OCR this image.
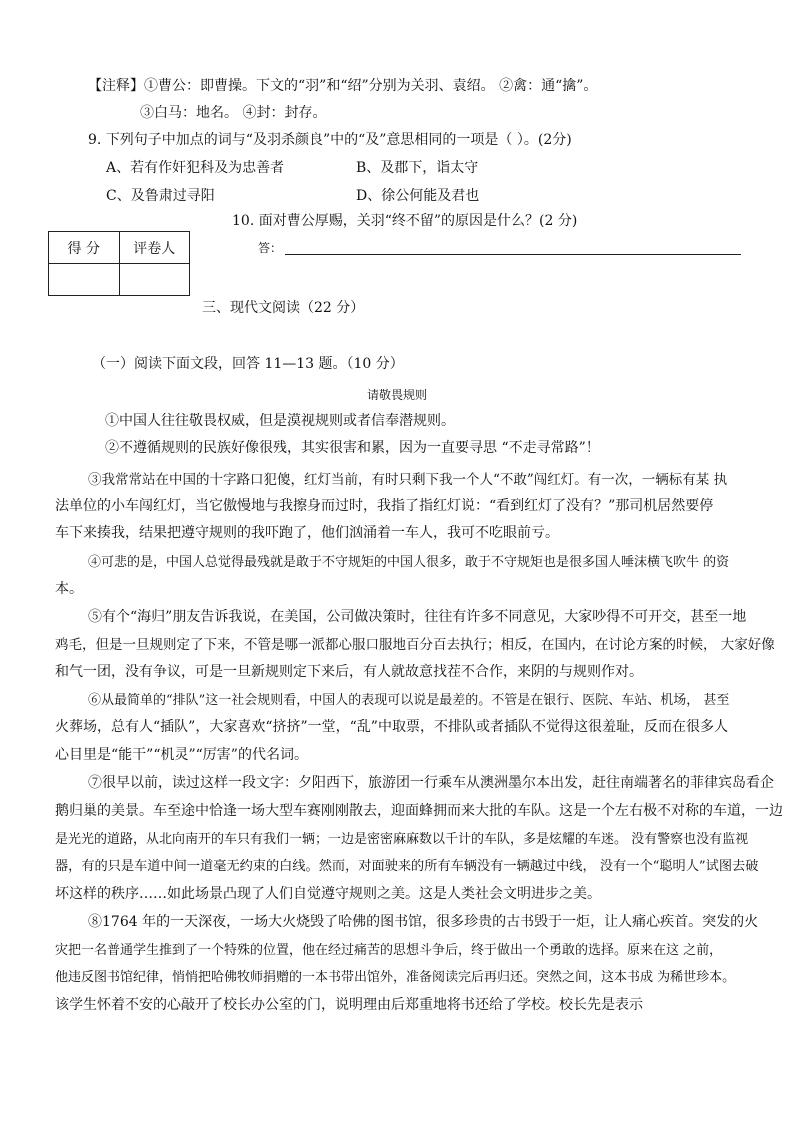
【注释】①曹公：即曹操。下文的“羽”和“绍”分别为关羽、袁绍。 ②禽：通“擒”。
③白马：地名。 ④封：封存。
9. 下列句子中加点的词与“及羽杀颜良”中的“及”意思相同的一项是（ ）。(2分)
A、若有作奸犯科及为忠善者	B、及郡下，诣太守
C、及鲁肃过寻阳	D、徐公何能及君也
10. 面对曹公厚赐，关羽“终不留”的原因是什么？(2 分)
答：
得 分	评卷人

三、现代文阅读（22 分）
（一）阅读下面文段，回答 11—13 题。（10 分）
请敬畏规则
①中国人往往敬畏权威，但是漠视规则或者信奉潜规则。
②不遵循规则的民族好像很残，其实很害和累，因为一直要寻思 “不走寻常路”！
③我常常站在中国的十字路口犯傻，红灯当前，有时只剩下我一个人“不敢”闯红灯。有一次，一辆标有某 执
法单位的小车闯红灯，当它傲慢地与我擦身而过时，我指了指红灯说：“看到红灯了没有？”那司机居然要停
车下来揍我，结果把遵守规则的我吓跑了，他们汹涌着一车人，我可不吃眼前亏。
④可悲的是，中国人总觉得最残就是敢于不守规矩的中国人很多，敢于不守规矩也是很多国人唾沫横飞吹牛 的资
本。
⑤有个“海归”朋友告诉我说，在美国，公司做决策时，往往有许多不同意见，大家吵得不可开交，甚至一地
鸡毛，但是一旦规则定了下来，不管是哪一派都心服口服地百分百去执行；相反，在国内，在讨论方案的时候， 大家好像
和气一团，没有争议，可是一旦新规则定下来后，有人就故意找茬不合作，来阴的与规则作对。
⑥从最简单的“排队”这一社会规则看，中国人的表现可以说是最差的。不管是在银行、医院、车站、机场， 甚至
火葬场，总有人“插队”，大家喜欢“挤挤”一堂，“乱”中取票，不排队或者插队不觉得这很羞耻，反而在很多人
心目里是“能干”“机灵”“厉害”的代名词。
⑦很早以前，读过这样一段文字：夕阳西下，旅游团一行乘车从澳洲墨尔本出发，赶往南端著名的菲律宾岛看企
鹅归巢的美景。车至途中恰逢一场大型车赛刚刚散去，迎面蜂拥而来大批的车队。这是一个左右极不对称的车道，一边
是光光的道路，从北向南开的车只有我们一辆；一边是密密麻麻数以千计的车队，多是炫耀的车迷。 没有警察也没有监视
器，有的只是车道中间一道毫无约束的白线。然而，对面驶来的所有车辆没有一辆越过中线， 没有一个“聪明人”试图去破
坏这样的秩序……如此场景凸现了人们自觉遵守规则之美。这是人类社会文明进步之美。
⑧1764 年的一天深夜，一场大火烧毁了哈佛的图书馆，很多珍贵的古书毁于一炬，让人痛心疾首。突发的火
灾把一名普通学生推到了一个特殊的位置，他在经过痛苦的思想斗争后，终于做出一个勇敢的选择。原来在这 之前，
他违反图书馆纪律，悄悄把哈佛牧师捐赠的一本书带出馆外，准备阅读完后再归还。突然之间，这本书成 为稀世珍本。
该学生怀着不安的心敲开了校长办公室的门，说明理由后郑重地将书还给了学校。校长先是表示
